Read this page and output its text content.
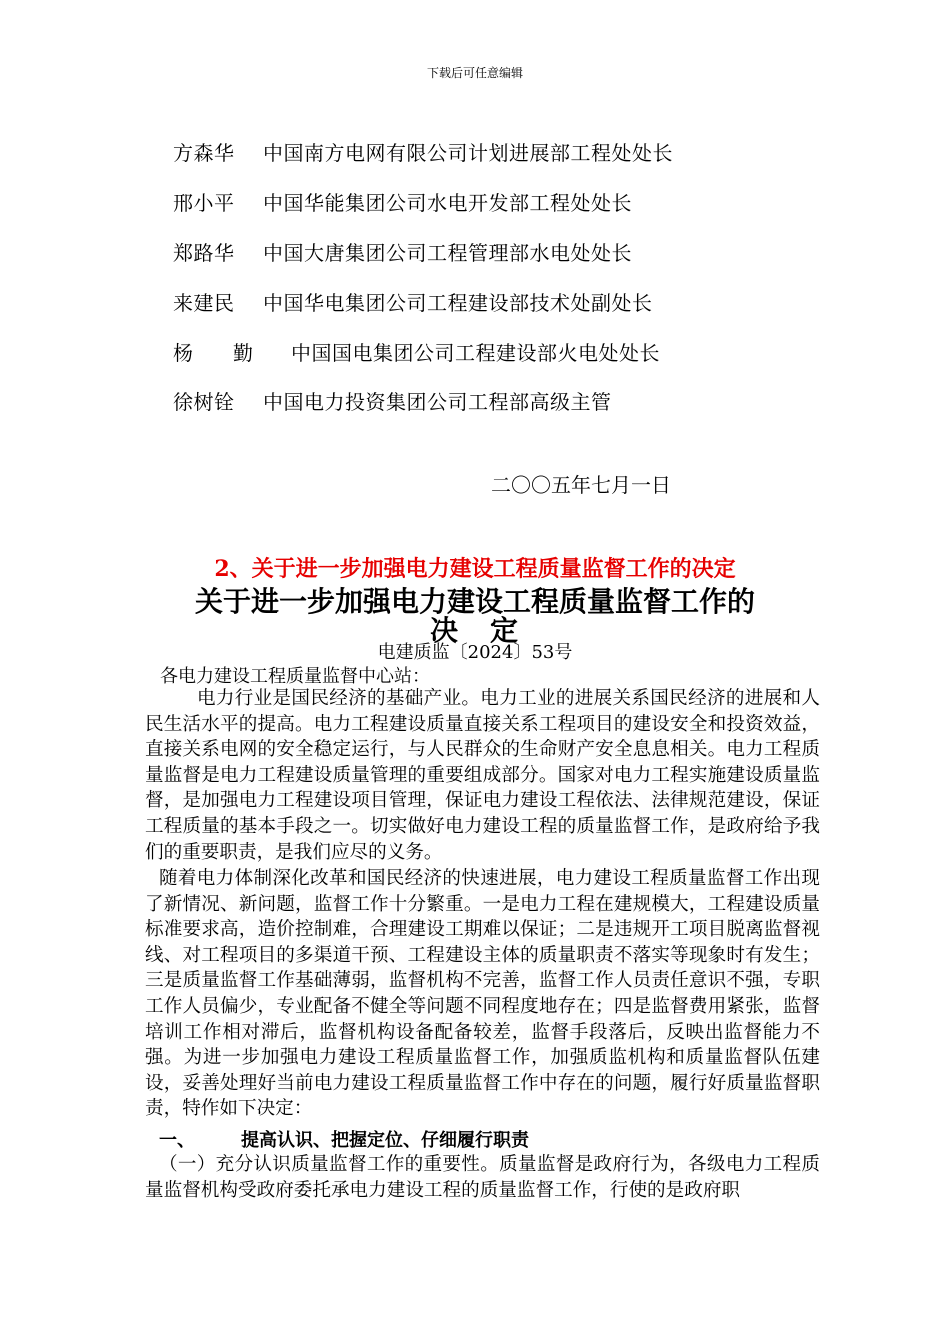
下载后可任意编辑
方森华 中国南方电网有限公司计划进展部工程处处长
邢小平 中国华能集团公司水电开发部工程处处长
郑路华 中国大唐集团公司工程管理部水电处处长
来建民 中国华电集团公司工程建设部技术处副处长
杨　　勤 中国国电集团公司工程建设部火电处处长
徐树铨 中国电力投资集团公司工程部高级主管
二〇〇五年七月一日
2、关于进一步加强电力建设工程质量监督工作的决定
关于进一步加强电力建设工程质量监督工作的
决　定
电建质监〔2024〕53号
各电力建设工程质量监督中心站：

电力行业是国民经济的基础产业。电力工业的进展关系国民经济的进展和人民生活水平的提高。电力工程建设质量直接关系工程项目的建设安全和投资效益，直接关系电网的安全稳定运行，与人民群众的生命财产安全息息相关。电力工程质量监督是电力工程建设质量管理的重要组成部分。国家对电力工程实施建设质量监督，是加强电力工程建设项目管理，保证电力建设工程依法、法律规范建设，保证工程质量的基本手段之一。切实做好电力建设工程的质量监督工作，是政府给予我们的重要职责，是我们应尽的义务。

随着电力体制深化改革和国民经济的快速进展，电力建设工程质量监督工作出现了新情况、新问题，监督工作十分繁重。一是电力工程在建规模大，工程建设质量标准要求高，造价控制难，合理建设工期难以保证；二是违规开工项目脱离监督视线、对工程项目的多渠道干预、工程建设主体的质量职责不落实等现象时有发生；三是质量监督工作基础薄弱，监督机构不完善，监督工作人员责任意识不强，专职工作人员偏少，专业配备不健全等问题不同程度地存在；四是监督费用紧张，监督培训工作相对滞后，监督机构设备配备较差，监督手段落后，反映出监督能力不强。为进一步加强电力建设工程质量监督工作，加强质监机构和质量监督队伍建设，妥善处理好当前电力建设工程质量监督工作中存在的问题，履行好质量监督职责，特作如下决定：

一、	提高认识、把握定位、仔细履行职责

（一）充分认识质量监督工作的重要性。质量监督是政府行为，各级电力工程质量监督机构受政府委托承电力建设工程的质量监督工作，行使的是政府职
